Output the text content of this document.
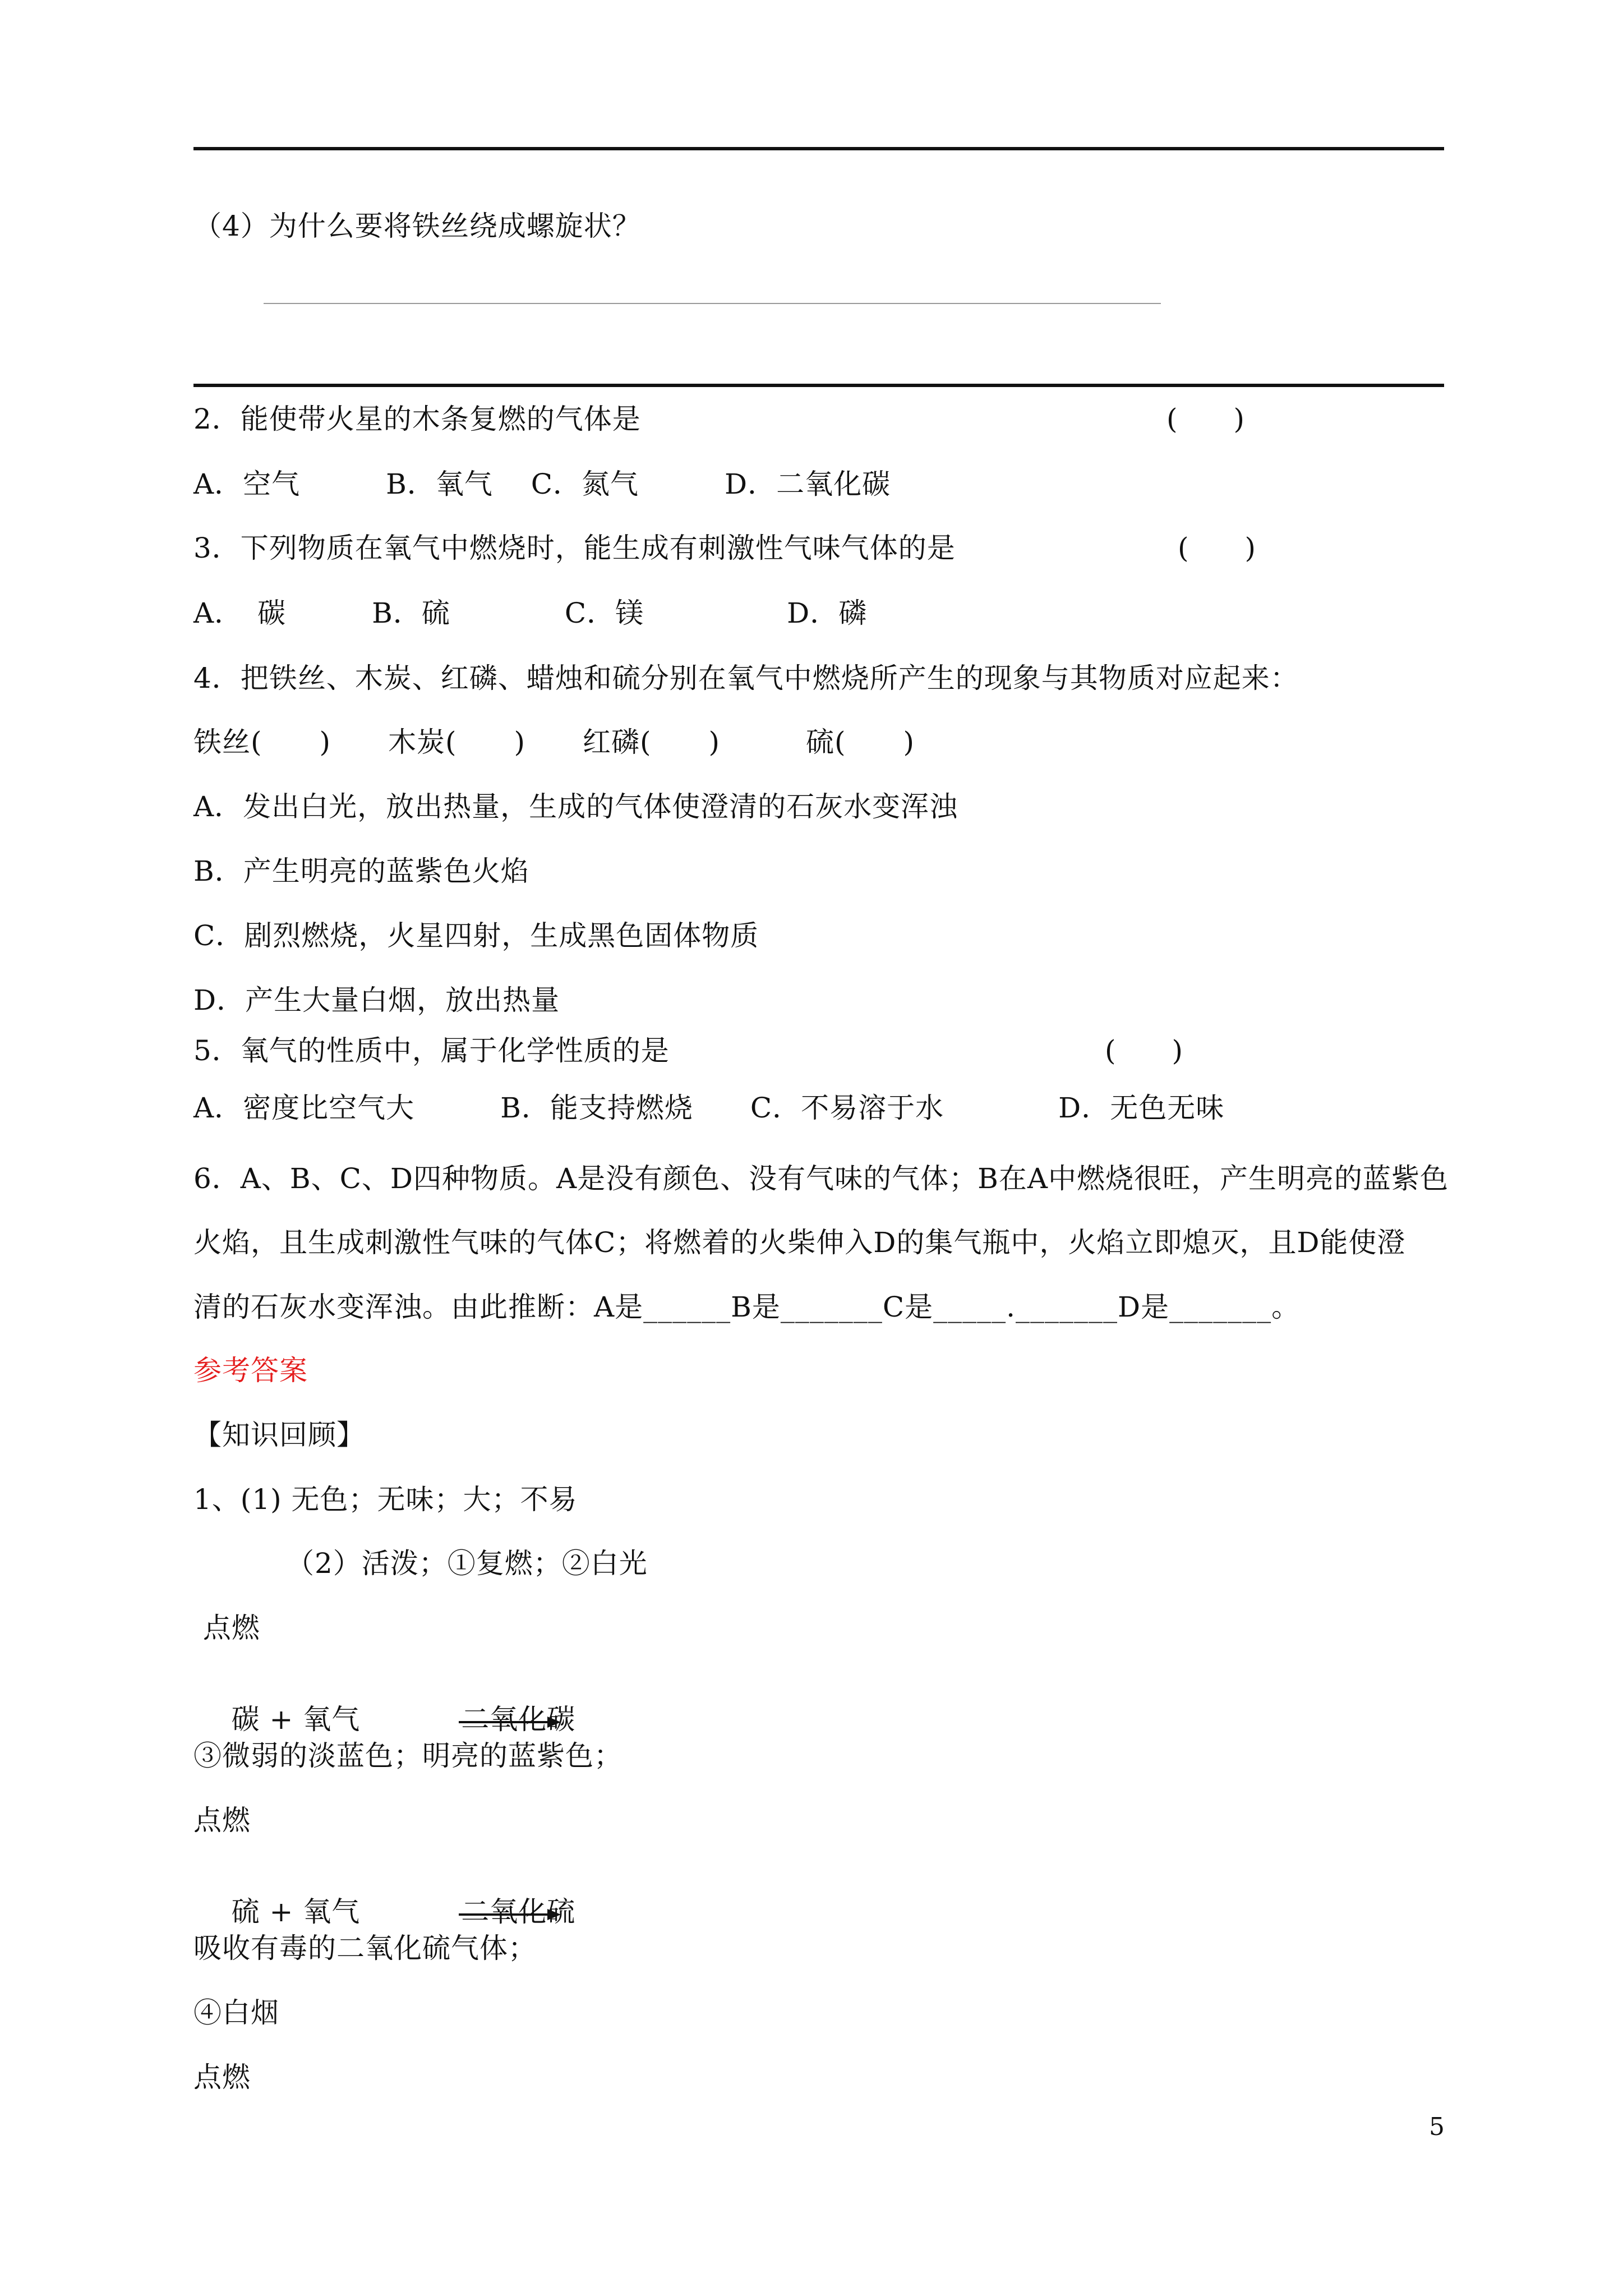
（4）为什么要将铁丝绕成螺旋状？
2．能使带火星的木条复燃的气体是	(　　)
A．空气　　　B．氧气　 C．氮气　　　D．二氧化碳
3．下列物质在氧气中燃烧时，能生成有刺激性气味气体的是	(　　)
A．　碳　　　B．硫　　　　C．镁　　　　　D．磷
4．把铁丝、木炭、红磷、蜡烛和硫分别在氧气中燃烧所产生的现象与其物质对应起来：
铁丝(　　)　　木炭(　　)　　红磷(　　)　　　硫(　　)
A．发出白光，放出热量，生成的气体使澄清的石灰水变浑浊
B．产生明亮的蓝紫色火焰
C．剧烈燃烧，火星四射，生成黑色固体物质
D．产生大量白烟，放出热量
5．氧气的性质中，属于化学性质的是	(　　)
A．密度比空气大　　　B．能支持燃烧　　C．不易溶于水　　　　D．无色无味
6．A、B、C、D四种物质。A是没有颜色、没有气味的气体；B在A中燃烧很旺，产生明亮的蓝紫色
火焰，且生成刺激性气味的气体C；将燃着的火柴伸入D的集气瓶中，火焰立即熄灭，且D能使澄
清的石灰水变浑浊。由此推断：A是______B是_______C是_____._______D是_______。
参考答案
【知识回顾】
1、(1) 无色；无味；大；不易
（2）活泼；①复燃；②白光
点燃

碳 + 氧气	二氧化碳

③微弱的淡蓝色；明亮的蓝紫色；
点燃

硫 + 氧气	二氧化硫

吸收有毒的二氧化硫气体；
④白烟
点燃
5
